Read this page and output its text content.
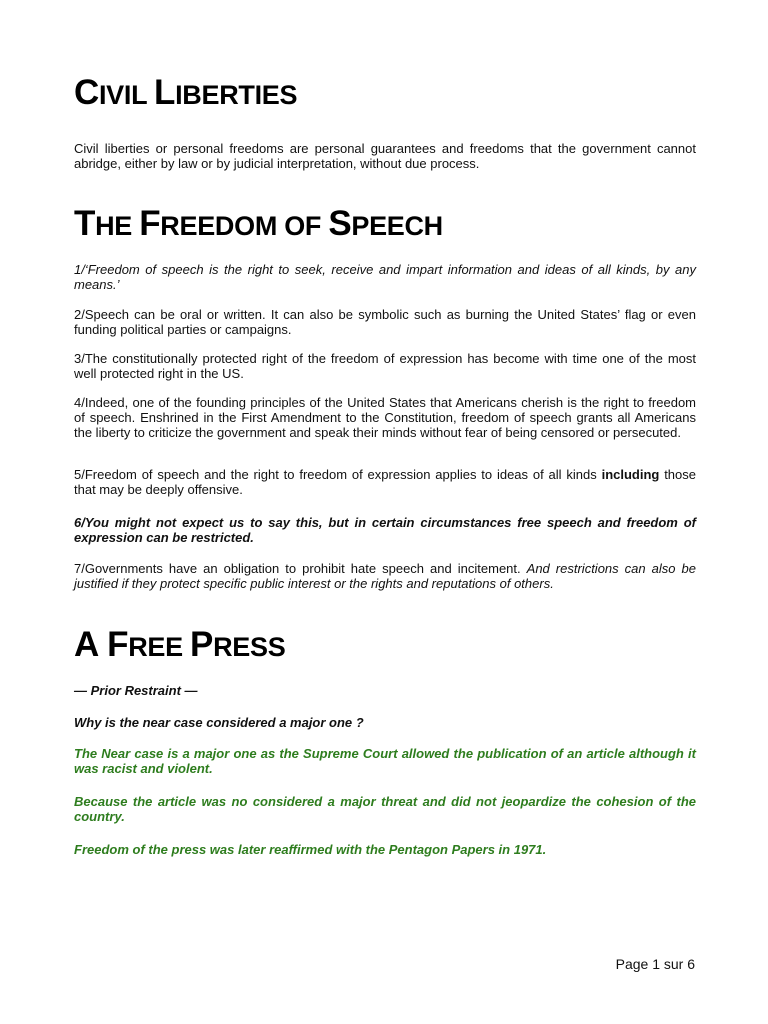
CIVIL LIBERTIES

Civil liberties or personal freedoms are personal guarantees and freedoms that the government cannot abridge, either by law or by judicial interpretation, without due process.

THE FREEDOM OF SPEECH

1/‘Freedom of speech is the right to seek, receive and impart information and ideas of all kinds, by any means.’

2/Speech can be oral or written. It can also be symbolic such as burning the United States’ flag or even funding political parties or campaigns.

3/The constitutionally protected right of the freedom of expression has become with time one of the most well protected right in the US.

4/Indeed, one of the founding principles of the United States that Americans cherish is the right to freedom of speech. Enshrined in the First Amendment to the Constitution, freedom of speech grants all Americans the liberty to criticize the government and speak their minds without fear of being censored or persecuted.

5/Freedom of speech and the right to freedom of expression applies to ideas of all kinds including those that may be deeply offensive.

6/You might not expect us to say this, but in certain circumstances free speech and freedom of expression can be restricted.

7/Governments have an obligation to prohibit hate speech and incitement. And restrictions can also be justified if they protect specific public interest or the rights and reputations of others.

A FREE PRESS

— Prior Restraint —

Why is the near case considered a major one ?

The Near case is a major one as the Supreme Court allowed the publication of an article although it was racist and violent.

Because the article was no considered a major threat and did not jeopardize the cohesion of the country.

Freedom of the press was later reaffirmed with the Pentagon Papers in 1971.

Page 1 sur 6
